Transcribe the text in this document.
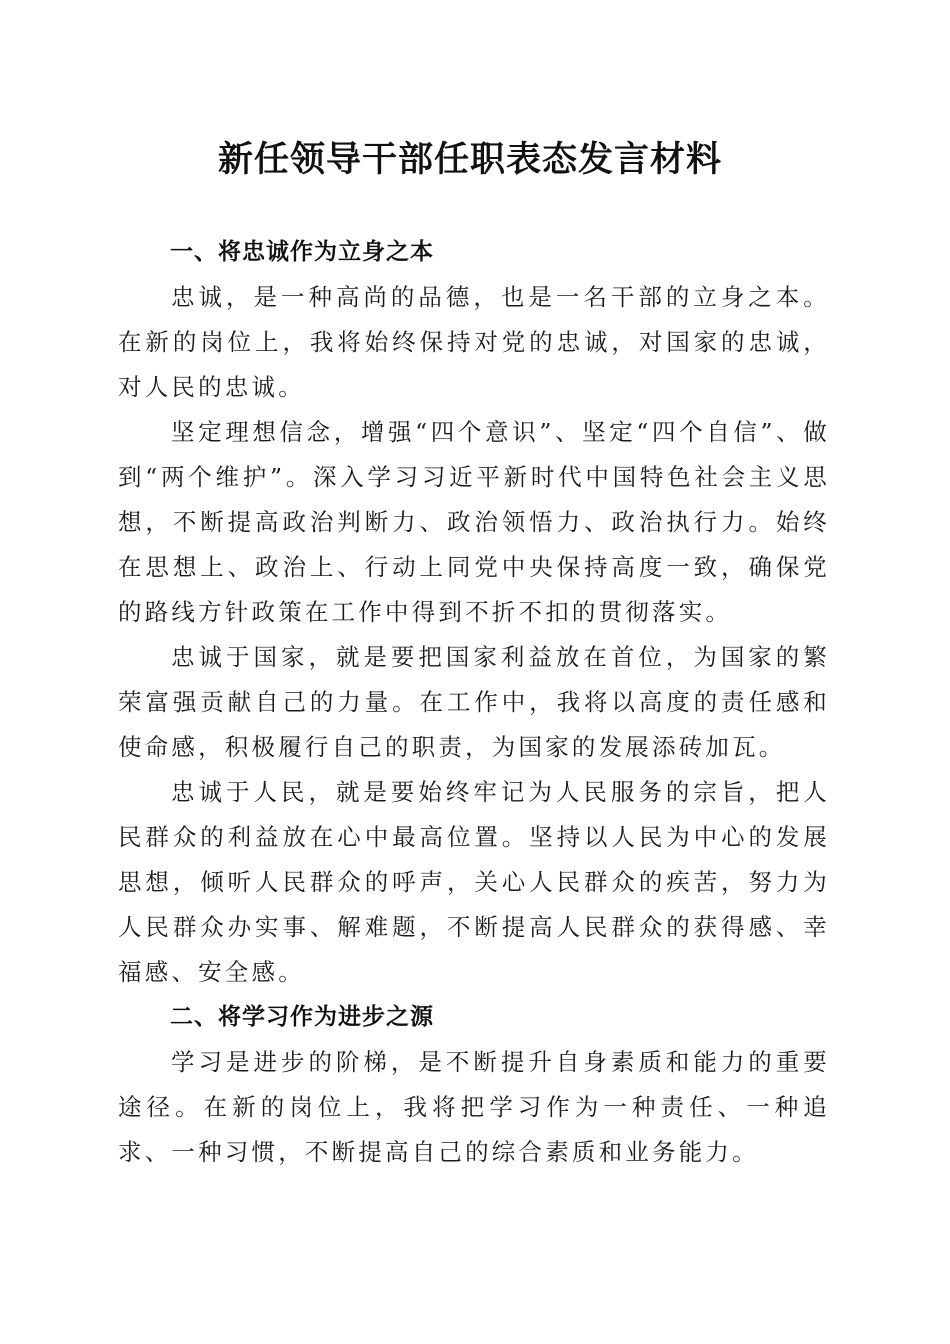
新任领导干部任职表态发言材料
一、将忠诚作为立身之本

忠诚，是一种高尚的品德，也是一名干部的立身之本。在新的岗位上，我将始终保持对党的忠诚，对国家的忠诚，对人民的忠诚。

坚定理想信念，增强“四个意识”、坚定“四个自信”、做到“两个维护”。深入学习习近平新时代中国特色社会主义思想，不断提高政治判断力、政治领悟力、政治执行力。始终在思想上、政治上、行动上同党中央保持高度一致，确保党的路线方针政策在工作中得到不折不扣的贯彻落实。

忠诚于国家，就是要把国家利益放在首位，为国家的繁荣富强贡献自己的力量。在工作中，我将以高度的责任感和使命感，积极履行自己的职责，为国家的发展添砖加瓦。

忠诚于人民，就是要始终牢记为人民服务的宗旨，把人民群众的利益放在心中最高位置。坚持以人民为中心的发展思想，倾听人民群众的呼声，关心人民群众的疾苦，努力为人民群众办实事、解难题，不断提高人民群众的获得感、幸福感、安全感。

二、将学习作为进步之源

学习是进步的阶梯，是不断提升自身素质和能力的重要途径。在新的岗位上，我将把学习作为一种责任、一种追求、一种习惯，不断提高自己的综合素质和业务能力。
